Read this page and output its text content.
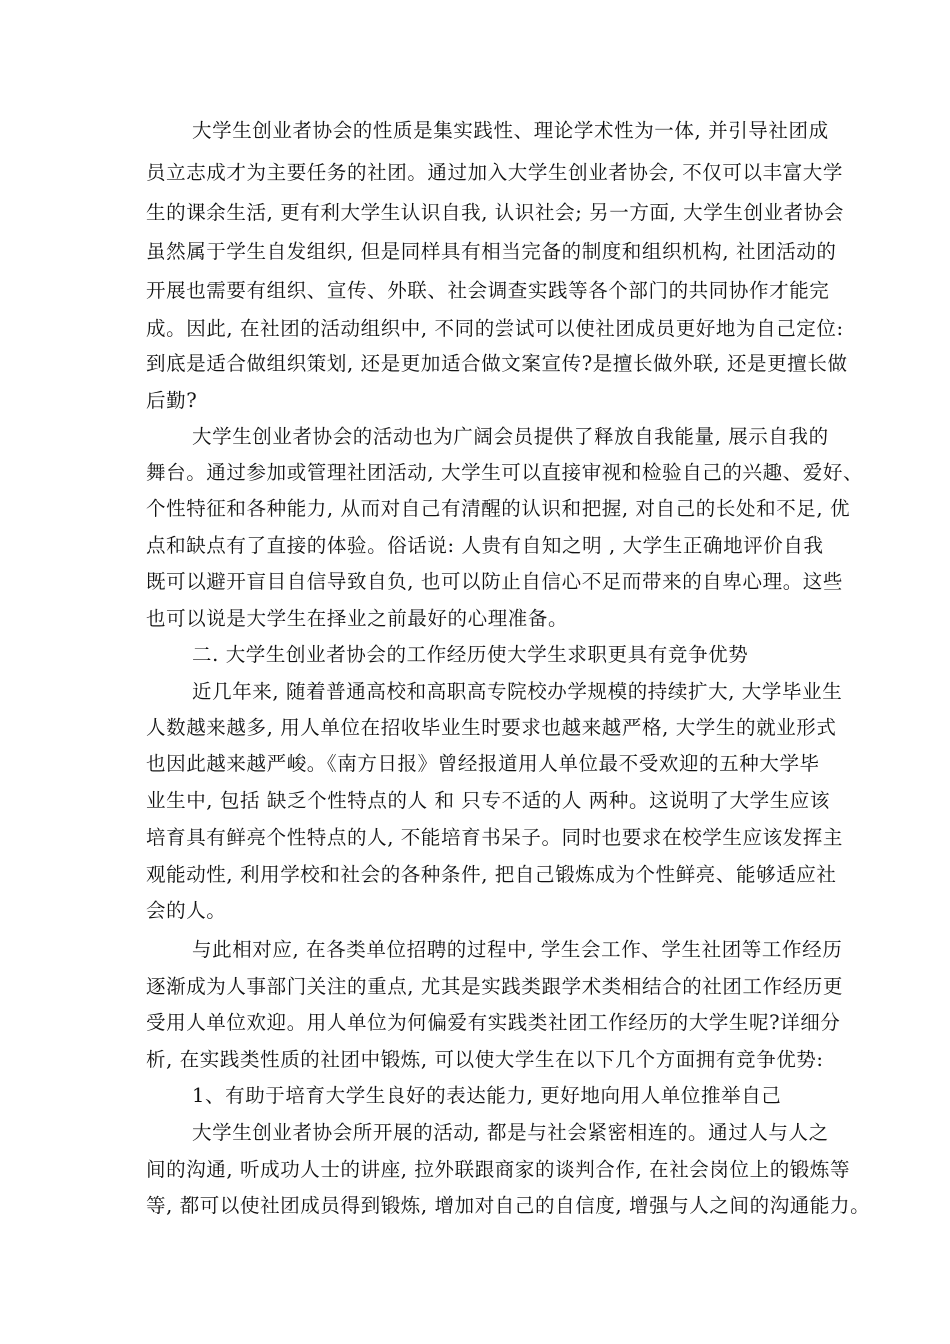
大学生创业者协会的性质是集实践性、理论学术性为一体, 并引导社团成
员立志成才为主要任务的社团。通过加入大学生创业者协会, 不仅可以丰富大学
生的课余生活, 更有利大学生认识自我, 认识社会; 另一方面, 大学生创业者协会
虽然属于学生自发组织, 但是同样具有相当完备的制度和组织机构, 社团活动的
开展也需要有组织、宣传、外联、社会调查实践等各个部门的共同协作才能完
成。因此, 在社团的活动组织中, 不同的尝试可以使社团成员更好地为自己定位:
到底是适合做组织策划, 还是更加适合做文案宣传?是擅长做外联, 还是更擅长做
后勤?
大学生创业者协会的活动也为广阔会员提供了释放自我能量, 展示自我的
舞台。通过参加或管理社团活动, 大学生可以直接审视和检验自己的兴趣、爱好、
个性特征和各种能力, 从而对自己有清醒的认识和把握, 对自己的长处和不足, 优
点和缺点有了直接的体验。俗话说: 人贵有自知之明 , 大学生正确地评价自我
既可以避开盲目自信导致自负, 也可以防止自信心不足而带来的自卑心理。这些
也可以说是大学生在择业之前最好的心理准备。
二. 大学生创业者协会的工作经历使大学生求职更具有竞争优势
近几年来, 随着普通高校和高职高专院校办学规模的持续扩大, 大学毕业生
人数越来越多, 用人单位在招收毕业生时要求也越来越严格, 大学生的就业形式
也因此越来越严峻。《南方日报》曾经报道用人单位最不受欢迎的五种大学毕
业生中, 包括 缺乏个性特点的人 和 只专不适的人 两种。这说明了大学生应该
培育具有鲜亮个性特点的人, 不能培育书呆子。同时也要求在校学生应该发挥主
观能动性, 利用学校和社会的各种条件, 把自己锻炼成为个性鲜亮、能够适应社
会的人。
与此相对应, 在各类单位招聘的过程中, 学生会工作、学生社团等工作经历
逐渐成为人事部门关注的重点, 尤其是实践类跟学术类相结合的社团工作经历更
受用人单位欢迎。用人单位为何偏爱有实践类社团工作经历的大学生呢?详细分
析, 在实践类性质的社团中锻炼, 可以使大学生在以下几个方面拥有竞争优势:
1、有助于培育大学生良好的表达能力, 更好地向用人单位推举自己
大学生创业者协会所开展的活动, 都是与社会紧密相连的。通过人与人之
间的沟通, 听成功人士的讲座, 拉外联跟商家的谈判合作, 在社会岗位上的锻炼等
等, 都可以使社团成员得到锻炼, 增加对自己的自信度, 增强与人之间的沟通能力。
